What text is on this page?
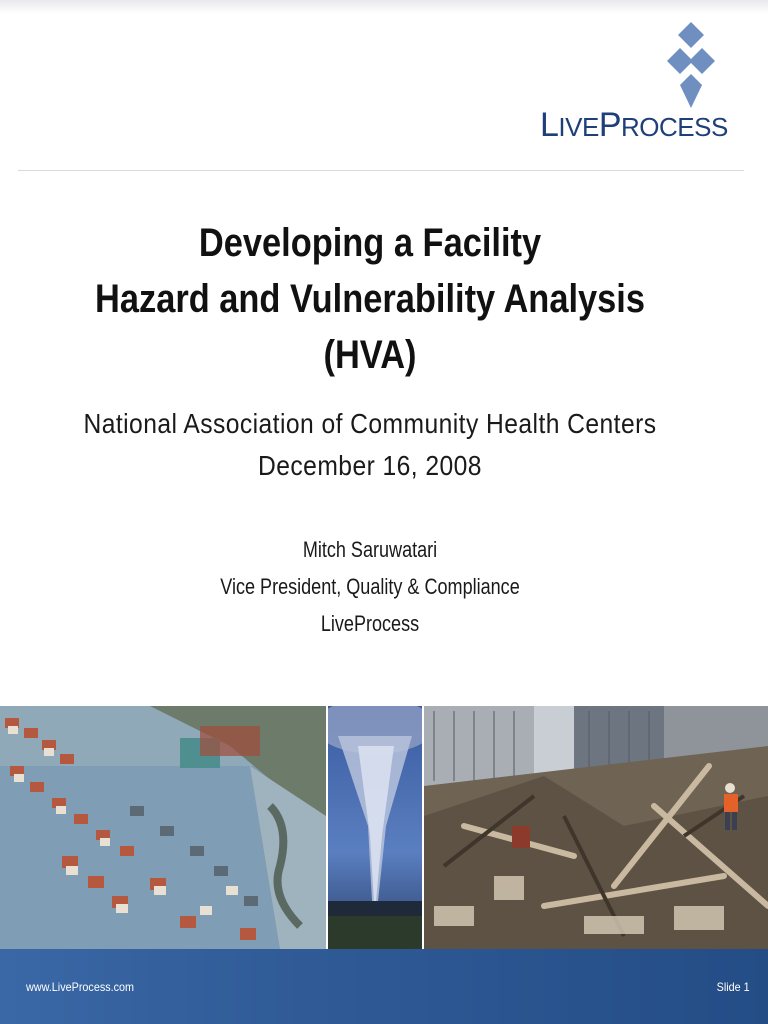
LIVEPROCESS
Developing a Facility
Hazard and Vulnerability Analysis (HVA)
National Association of Community Health Centers
December 16, 2008
Mitch Saruwatari
Vice President, Quality & Compliance
LiveProcess
www.LiveProcess.com	Slide 1
